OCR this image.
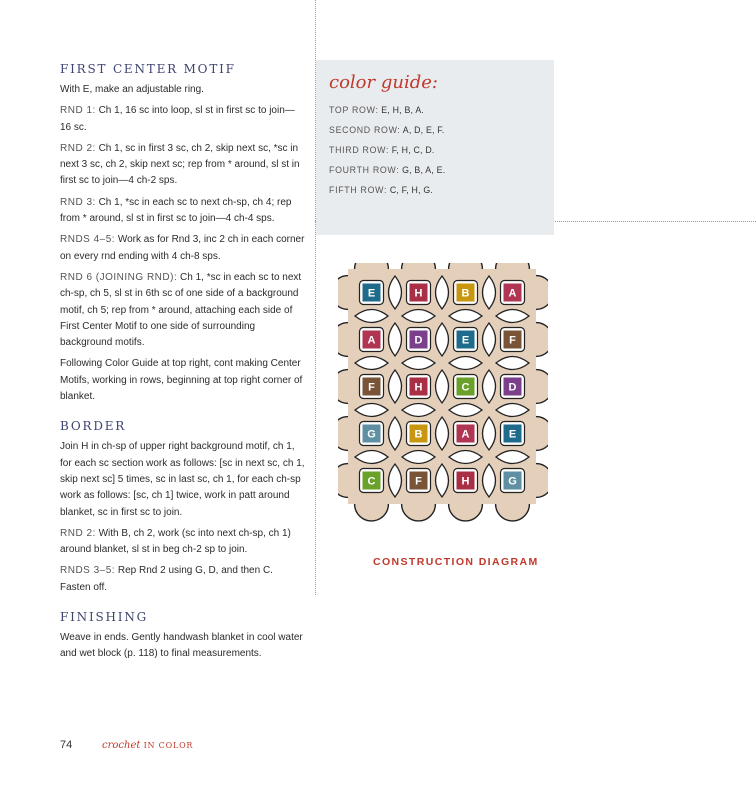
FIRST CENTER MOTIF
With E, make an adjustable ring.
RND 1: Ch 1, 16 sc into loop, sl st in first sc to join—16 sc.
RND 2: Ch 1, sc in first 3 sc, ch 2, skip next sc, *sc in next 3 sc, ch 2, skip next sc; rep from * around, sl st in first sc to join—4 ch-2 sps.
RND 3: Ch 1, *sc in each sc to next ch-sp, ch 4; rep from * around, sl st in first sc to join—4 ch-4 sps.
RNDS 4–5: Work as for Rnd 3, inc 2 ch in each corner on every rnd ending with 4 ch-8 sps.
RND 6 (JOINING RND): Ch 1, *sc in each sc to next ch-sp, ch 5, sl st in 6th sc of one side of a background motif, ch 5; rep from * around, attaching each side of First Center Motif to one side of surrounding background motifs.
Following Color Guide at top right, cont making Center Motifs, working in rows, beginning at top right corner of blanket.
BORDER
Join H in ch-sp of upper right background motif, ch 1, for each sc section work as follows: [sc in next sc, ch 1, skip next sc] 5 times, sc in last sc, ch 1, for each ch-sp work as follows: [sc, ch 1] twice, work in patt around blanket, sc in first sc to join.
RND 2: With B, ch 2, work (sc into next ch-sp, ch 1) around blanket, sl st in beg ch-2 sp to join.
RNDS 3–5: Rep Rnd 2 using G, D, and then C. Fasten off.
FINISHING
Weave in ends. Gently handwash blanket in cool water and wet block (p. 118) to final measurements.
color guide:
TOP ROW: E, H, B, A.
SECOND ROW: A, D, E, F.
THIRD ROW: F, H, C, D.
FOURTH ROW: G, B, A, E.
FIFTH ROW: C, F, H, G.
E	H	B	A
A	D	E	F
F	H	C	D
G	B	A	E
C	F	H	G
CONSTRUCTION DIAGRAM
74	crochet IN COLOR
